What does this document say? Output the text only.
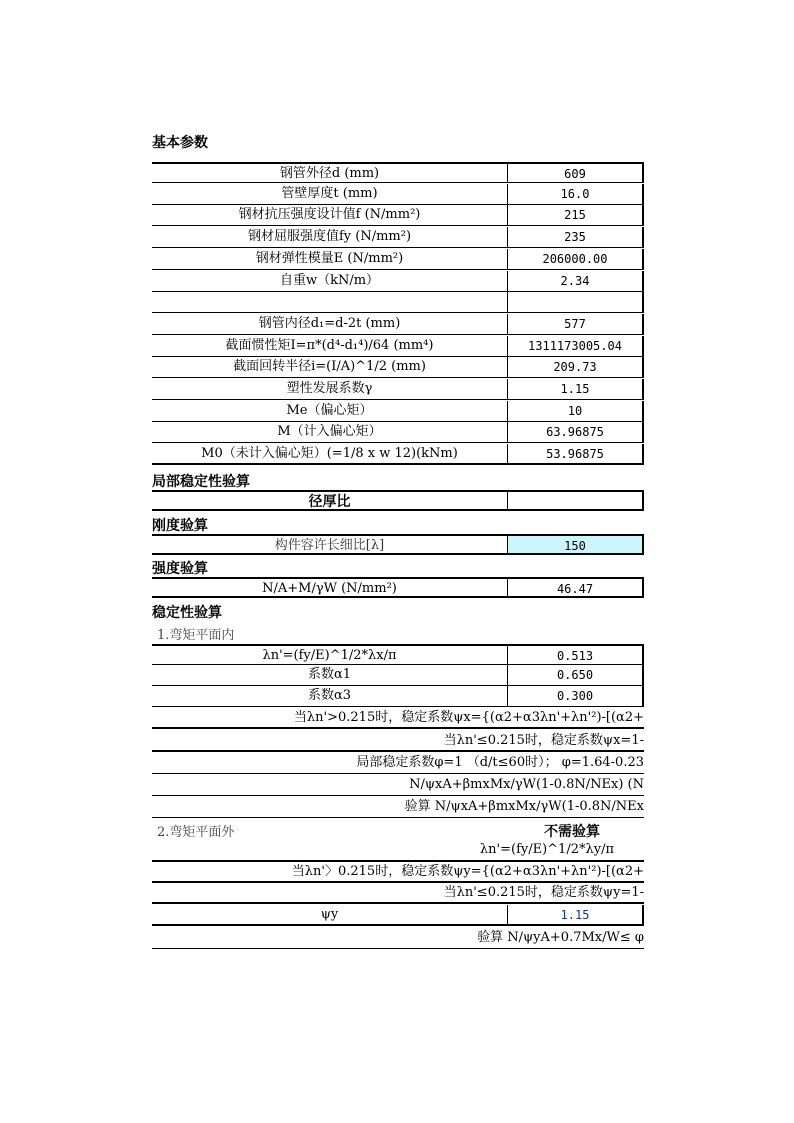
基本参数
钢管外径d (mm)	609
管壁厚度t (mm)	16.0
钢材抗压强度设计值f (N/mm²)	215
钢材屈服强度值fy (N/mm²)	235
钢材弹性模量E (N/mm²)	206000.00
自重w（kN/m）	2.34
钢管内径d₁=d-2t (mm)	577
截面惯性矩I=π*(d⁴-d₁⁴)/64 (mm⁴)	1311173005.04
截面回转半径i=(I/A)^1/2 (mm)	209.73
塑性发展系数γ	1.15
Me（偏心矩）	10
M（计入偏心矩）	63.96875
M0（未计入偏心矩）(=1/8 x w 12)(kNm)	53.96875
局部稳定性验算
径厚比
刚度验算
构件容许长细比[λ]	150
强度验算
N/A+M/γW (N/mm²)	46.47
稳定性验算
1.弯矩平面内
λn'=(fy/E)^1/2*λx/π	0.513
系数α1	0.650
系数α3	0.300
当λn'>0.215时，稳定系数ψx={(α2+α3λn'+λn'²)-[(α2+
当λn'≤0.215时，稳定系数ψx=1-
局部稳定系数φ=1 （d/t≤60时）； φ=1.64-0.23
N/ψxA+βmxMx/γW(1-0.8N/NEx) (N
验算 N/ψxA+βmxMx/γW(1-0.8N/NEx
2.弯矩平面外	不需验算
λn'=(fy/E)^1/2*λy/π
当λn'〉0.215时，稳定系数ψy={(α2+α3λn'+λn'²)-[(α2+
当λn'≤0.215时，稳定系数ψy=1-
ψy	1.15
验算 N/ψyA+0.7Mx/W≤ φ
